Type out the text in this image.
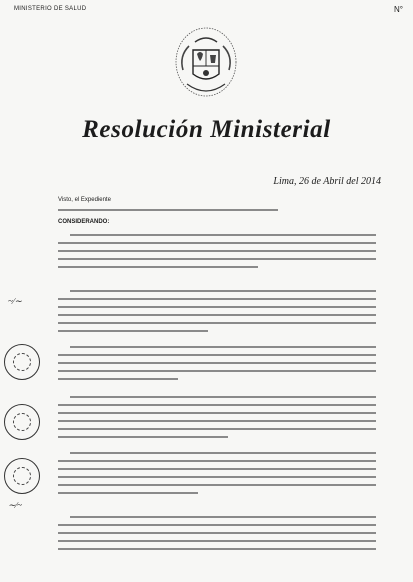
MINISTERIO DE SALUD	N°
Resolución Ministerial
Lima, 26 de Abril del 2014
Visto, el Expediente
CONSIDERANDO:
~∕∼
∼∕~
